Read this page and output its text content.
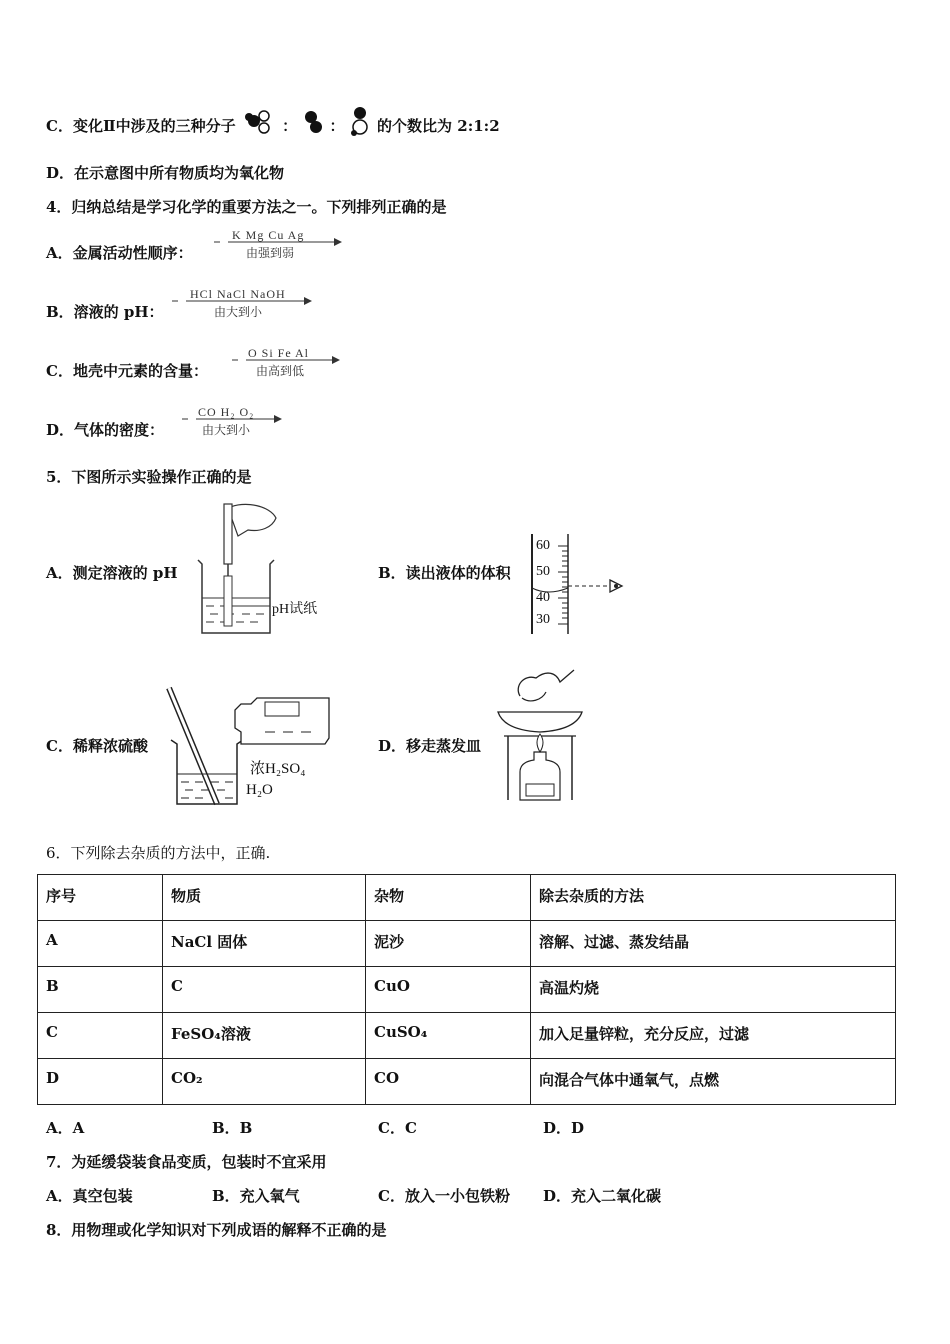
C．变化Ⅱ中涉及的三种分子	： ： 的个数比为 2:1:2
D．在示意图中所有物质均为氧化物
4．归纳总结是学习化学的重要方法之一。下列排列正确的是
A．金属活动性顺序：
K Mg Cu Ag
由强到弱
B．溶液的 pH：
HCl NaCl NaOH
由大到小
C．地壳中元素的含量：
O Si Fe Al
由高到低
D．气体的密度：
CO H₂ O₂
由大到小
5．下图所示实验操作正确的是
A．测定溶液的 pH
pH试纸
B．读出液体的体积
60
50
40
30
C．稀释浓硫酸
浓H₂SO₄
H₂O
D．移走蒸发皿
6．下列除去杂质的方法中，正确.
序号	物质	杂物	除去杂质的方法
A	NaCl 固体	泥沙	溶解、过滤、蒸发结晶
B	C	CuO	高温灼烧
C	FeSO₄溶液	CuSO₄	加入足量锌粒，充分反应，过滤
D	CO₂	CO	向混合气体中通氧气，点燃
A．A	B．B	C．C	D．D
7．为延缓袋装食品变质，包装时不宜采用
A．真空包装	B．充入氧气	C．放入一小包铁粉 D．充入二氧化碳
8．用物理或化学知识对下列成语的解释不正确的是
